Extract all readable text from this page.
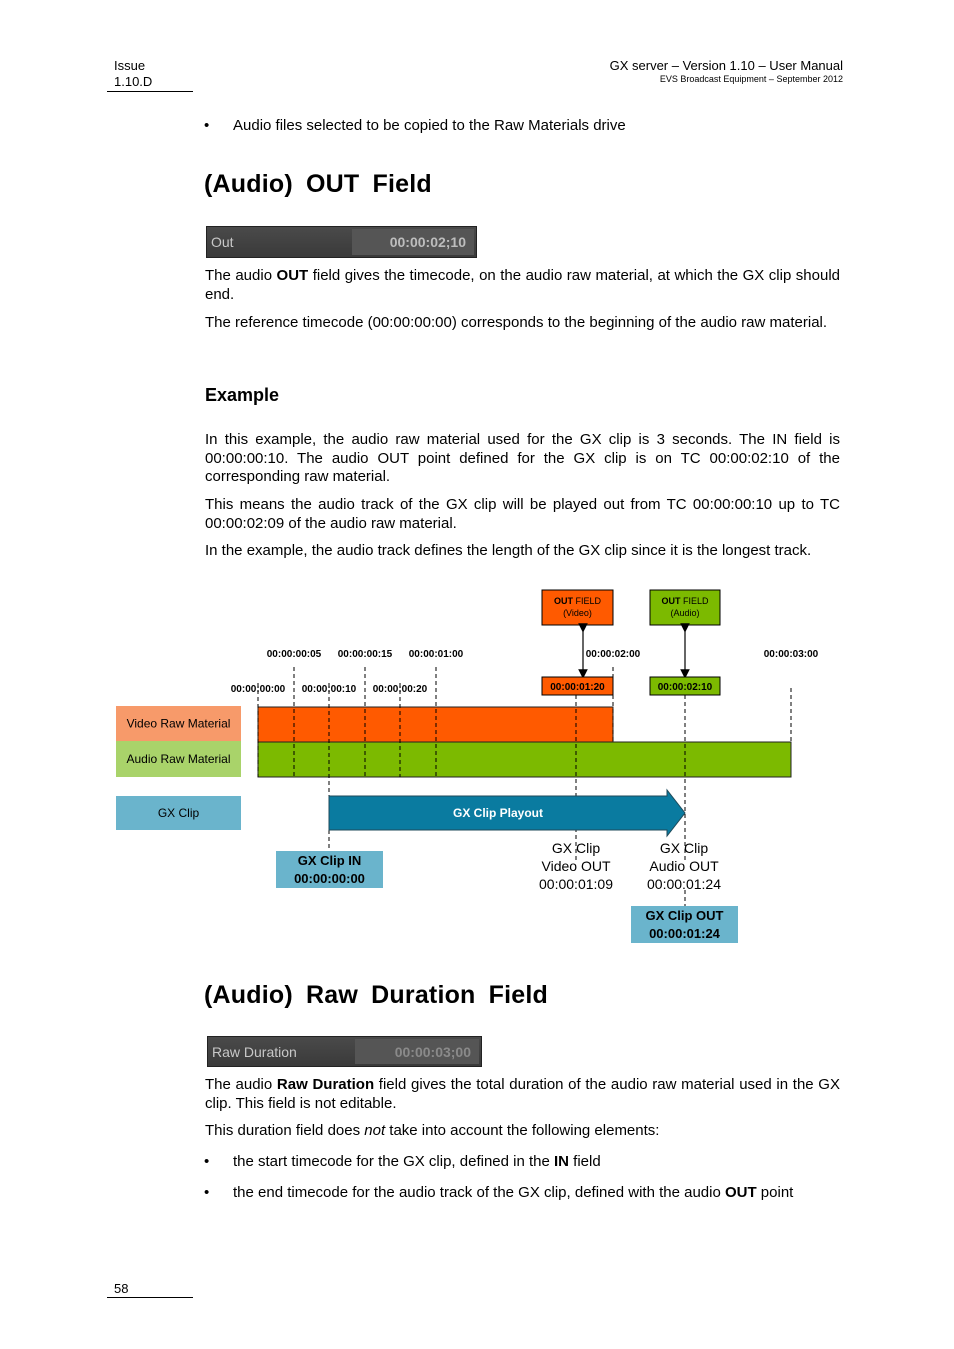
Issue
1.10.D
GX server – Version 1.10 – User Manual
EVS Broadcast Equipment – September 2012
• Audio files selected to be copied to the Raw Materials drive
(Audio) OUT Field
Out	00:00:02;10

The audio OUT field gives the timecode, on the audio raw material, at which the GX clip should end.

The reference timecode (00:00:00:00) corresponds to the beginning of the audio raw material.

Example

In this example, the audio raw material used for the GX clip is 3 seconds. The IN field is 00:00:00:10. The audio OUT point defined for the GX clip is on TC 00:00:02:10 of the corresponding raw material.

This means the audio track of the GX clip will be played out from TC 00:00:00:10 up to TC 00:00:02:09 of the audio raw material.

In the example, the audio track defines the length of the GX clip since it is the longest track.

OUT FIELD
(Video)
OUT FIELD
(Audio)
00:00:00:05 00:00:00:15 00:00:01:00	00:00:02:00	00:00:03:00
00:00:00:00 00:00:00:10 00:00:00:20	00:00:01:20	00:00:02:10
Video Raw Material
Audio Raw Material
GX Clip	GX Clip Playout
GX Clip IN
00:00:00:00
GX Clip
Video OUT
00:00:01:09
GX Clip
Audio OUT
00:00:01:24
GX Clip OUT
00:00:01:24
(Audio) Raw Duration Field
Raw Duration	00:00:03;00

The audio Raw Duration field gives the total duration of the audio raw material used in the GX clip. This field is not editable.

This duration field does not take into account the following elements:

• the start timecode for the GX clip, defined in the IN field
• the end timecode for the audio track of the GX clip, defined with the audio OUT point
58
